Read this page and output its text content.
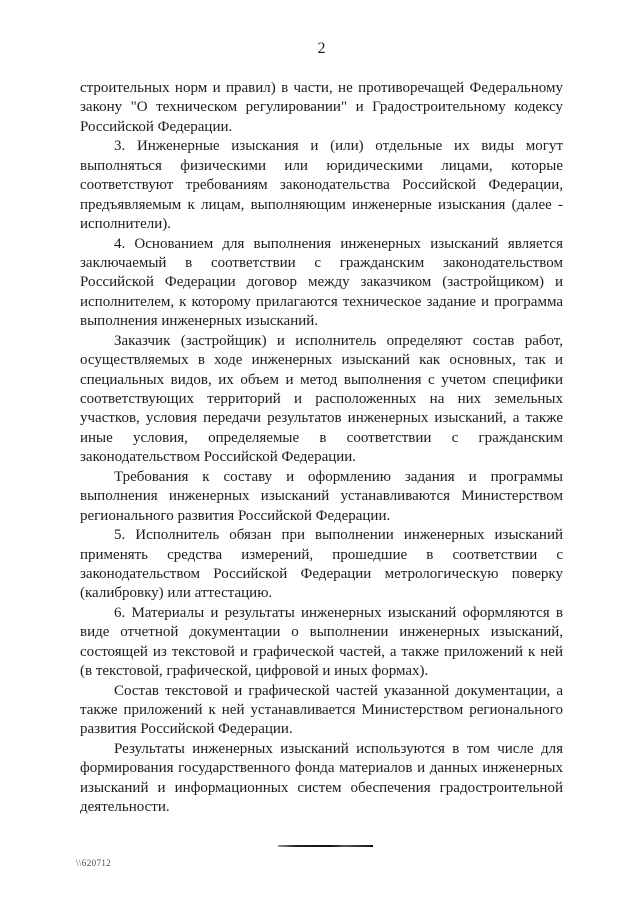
2
строительных норм и правил) в части, не противоречащей Федеральному
закону "О техническом регулировании" и Градостроительному кодексу
Российской Федерации.
3. Инженерные изыскания и (или) отдельные их виды могут
выполняться физическими или юридическими лицами, которые
соответствуют требованиям законодательства Российской Федерации,
предъявляемым к лицам, выполняющим инженерные изыскания (далее -
исполнители).
4. Основанием для выполнения инженерных изысканий является
заключаемый в соответствии с гражданским законодательством
Российской Федерации договор между заказчиком (застройщиком) и
исполнителем, к которому прилагаются техническое задание и программа
выполнения инженерных изысканий.
Заказчик (застройщик) и исполнитель определяют состав работ,
осуществляемых в ходе инженерных изысканий как основных, так и
специальных видов, их объем и метод выполнения с учетом специфики
соответствующих территорий и расположенных на них земельных
участков, условия передачи результатов инженерных изысканий, а также
иные условия, определяемые в соответствии с гражданским
законодательством Российской Федерации.
Требования к составу и оформлению задания и программы
выполнения инженерных изысканий устанавливаются Министерством
регионального развития Российской Федерации.
5. Исполнитель обязан при выполнении инженерных изысканий
применять средства измерений, прошедшие в соответствии с
законодательством Российской Федерации метрологическую поверку
(калибровку) или аттестацию.
6. Материалы и результаты инженерных изысканий оформляются в
виде отчетной документации о выполнении инженерных изысканий,
состоящей из текстовой и графической частей, а также приложений к ней
(в текстовой, графической, цифровой и иных формах).
Состав текстовой и графической частей указанной документации, а
также приложений к ней устанавливается Министерством регионального
развития Российской Федерации.
Результаты инженерных изысканий используются в том числе для
формирования государственного фонда материалов и данных инженерных
изысканий и информационных систем обеспечения градостроительной
деятельности.
\\620712
